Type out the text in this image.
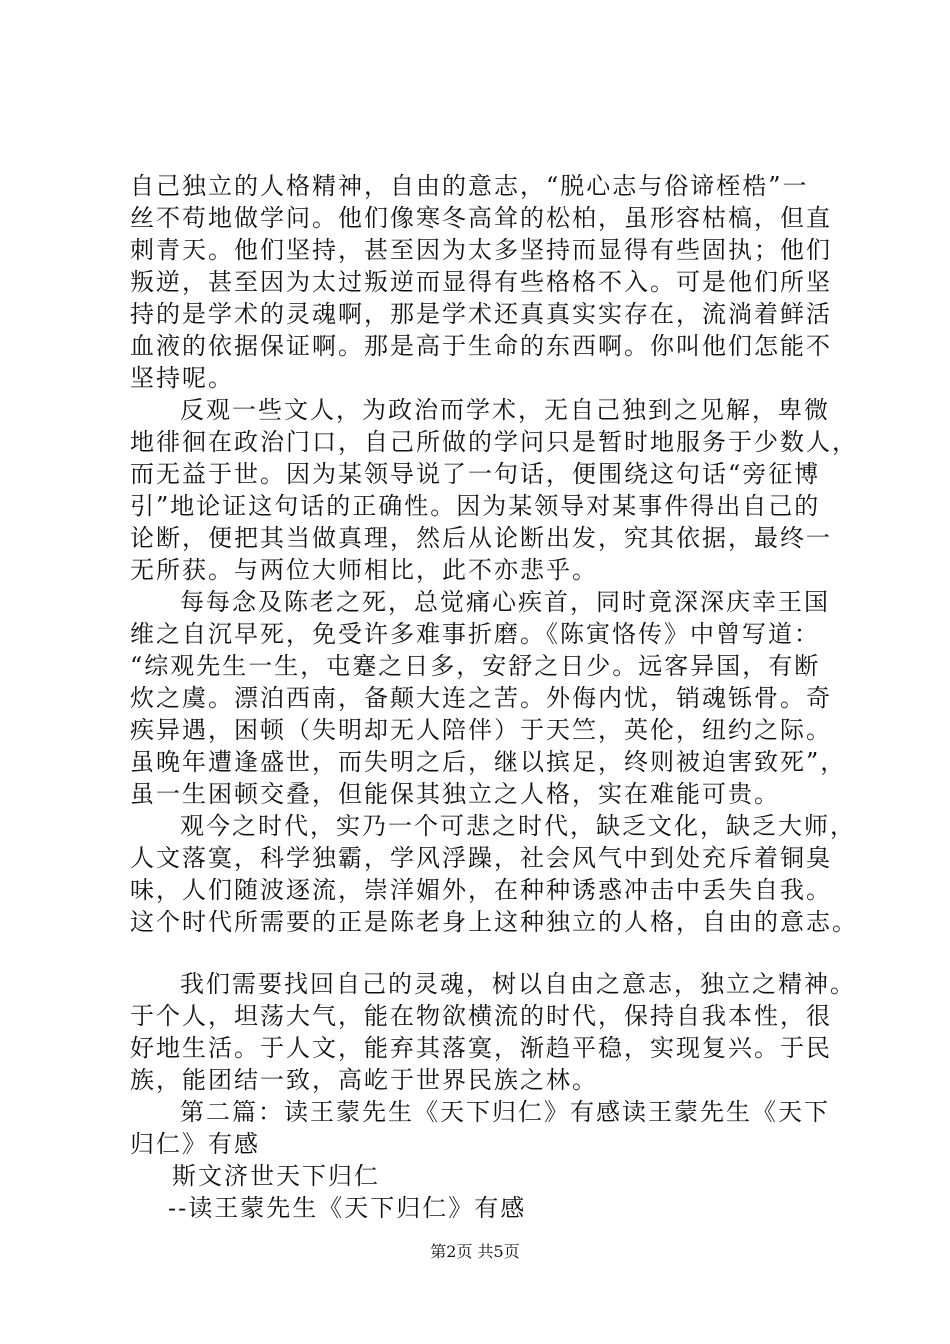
自己独立的人格精神，自由的意志，“脱心志与俗谛桎梏”一
丝不苟地做学问。他们像寒冬高耸的松柏，虽形容枯槁，但直
刺青天。他们坚持，甚至因为太多坚持而显得有些固执；他们
叛逆，甚至因为太过叛逆而显得有些格格不入。可是他们所坚
持的是学术的灵魂啊，那是学术还真真实实存在，流淌着鲜活
血液的依据保证啊。那是高于生命的东西啊。你叫他们怎能不
坚持呢。
反观一些文人，为政治而学术，无自己独到之见解，卑微
地徘徊在政治门口，自己所做的学问只是暂时地服务于少数人，
而无益于世。因为某领导说了一句话，便围绕这句话“旁征博
引”地论证这句话的正确性。因为某领导对某事件得出自己的
论断，便把其当做真理，然后从论断出发，究其依据，最终一
无所获。与两位大师相比，此不亦悲乎。
每每念及陈老之死，总觉痛心疾首，同时竟深深庆幸王国
维之自沉早死，免受许多难事折磨。《陈寅恪传》中曾写道：
“综观先生一生，屯蹇之日多，安舒之日少。远客异国，有断
炊之虞。漂泊西南，备颠大连之苦。外侮内忧，销魂铄骨。奇
疾异遇，困顿（失明却无人陪伴）于天竺，英伦，纽约之际。
虽晚年遭逢盛世，而失明之后，继以摈足，终则被迫害致死”，
虽一生困顿交叠，但能保其独立之人格，实在难能可贵。
观今之时代，实乃一个可悲之时代，缺乏文化，缺乏大师，
人文落寞，科学独霸，学风浮躁，社会风气中到处充斥着铜臭
味，人们随波逐流，崇洋媚外，在种种诱惑冲击中丢失自我。
这个时代所需要的正是陈老身上这种独立的人格，自由的意志。
我们需要找回自己的灵魂，树以自由之意志，独立之精神。
于个人，坦荡大气，能在物欲横流的时代，保持自我本性，很
好地生活。于人文，能弃其落寞，渐趋平稳，实现复兴。于民
族，能团结一致，高屹于世界民族之林。
第二篇：读王蒙先生《天下归仁》有感读王蒙先生《天下
归仁》有感
斯文济世天下归仁
--读王蒙先生《天下归仁》有感
第2页 共5页
